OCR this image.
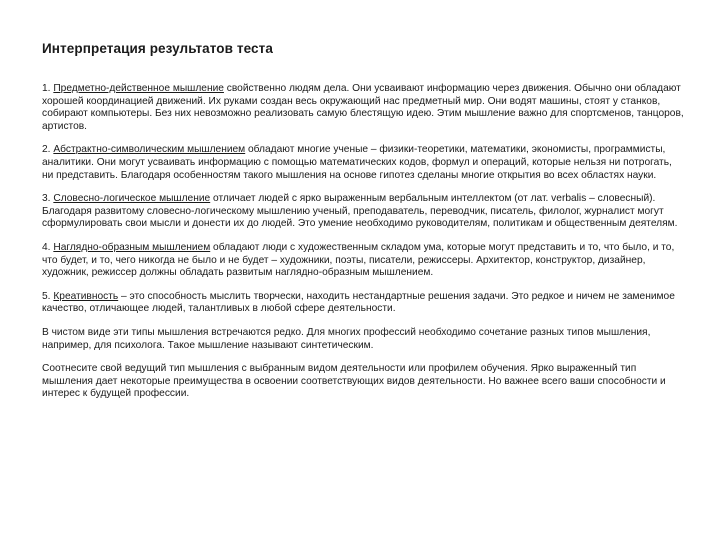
Интерпретация результатов теста

1. Предметно-действенное мышление свойственно людям дела. Они усваивают информацию через движения. Обычно они обладают хорошей координацией движений. Их руками создан весь окружающий нас предметный мир. Они водят машины, стоят у станков, собирают компьютеры. Без них невозможно реализовать самую блестящую идею. Этим мышление важно для спортсменов, танцоров, артистов.

2. Абстрактно-символическим мышлением обладают многие ученые – физики-теоретики, математики, экономисты, программисты, аналитики. Они могут усваивать информацию с помощью математических кодов, формул и операций, которые нельзя ни потрогать, ни представить. Благодаря особенностям такого мышления на основе гипотез сделаны многие открытия во всех областях науки.

3. Словесно-логическое мышление отличает людей с ярко выраженным вербальным интеллектом (от лат. verbalis – словесный). Благодаря развитому словесно-логическому мышлению ученый, преподаватель, переводчик, писатель, филолог, журналист могут сформулировать свои мысли и донести их до людей. Это умение необходимо руководителям, политикам и общественным деятелям.

4. Наглядно-образным мышлением обладают люди с художественным складом ума, которые могут представить и то, что было, и то, что будет, и то, чего никогда не было и не будет – художники, поэты, писатели, режиссеры. Архитектор, конструктор, дизайнер, художник, режиссер должны обладать развитым наглядно-образным мышлением.

5. Креативность – это способность мыслить творчески, находить нестандартные решения задачи. Это редкое и ничем не заменимое качество, отличающее людей, талантливых в любой сфере деятельности.

В чистом виде эти типы мышления встречаются редко. Для многих профессий необходимо сочетание разных типов мышления, например, для психолога. Такое мышление называют синтетическим.

Соотнесите свой ведущий тип мышления с выбранным видом деятельности или профилем обучения. Ярко выраженный тип мышления дает некоторые преимущества в освоении соответствующих видов деятельности. Но важнее всего ваши способности и интерес к будущей профессии.
